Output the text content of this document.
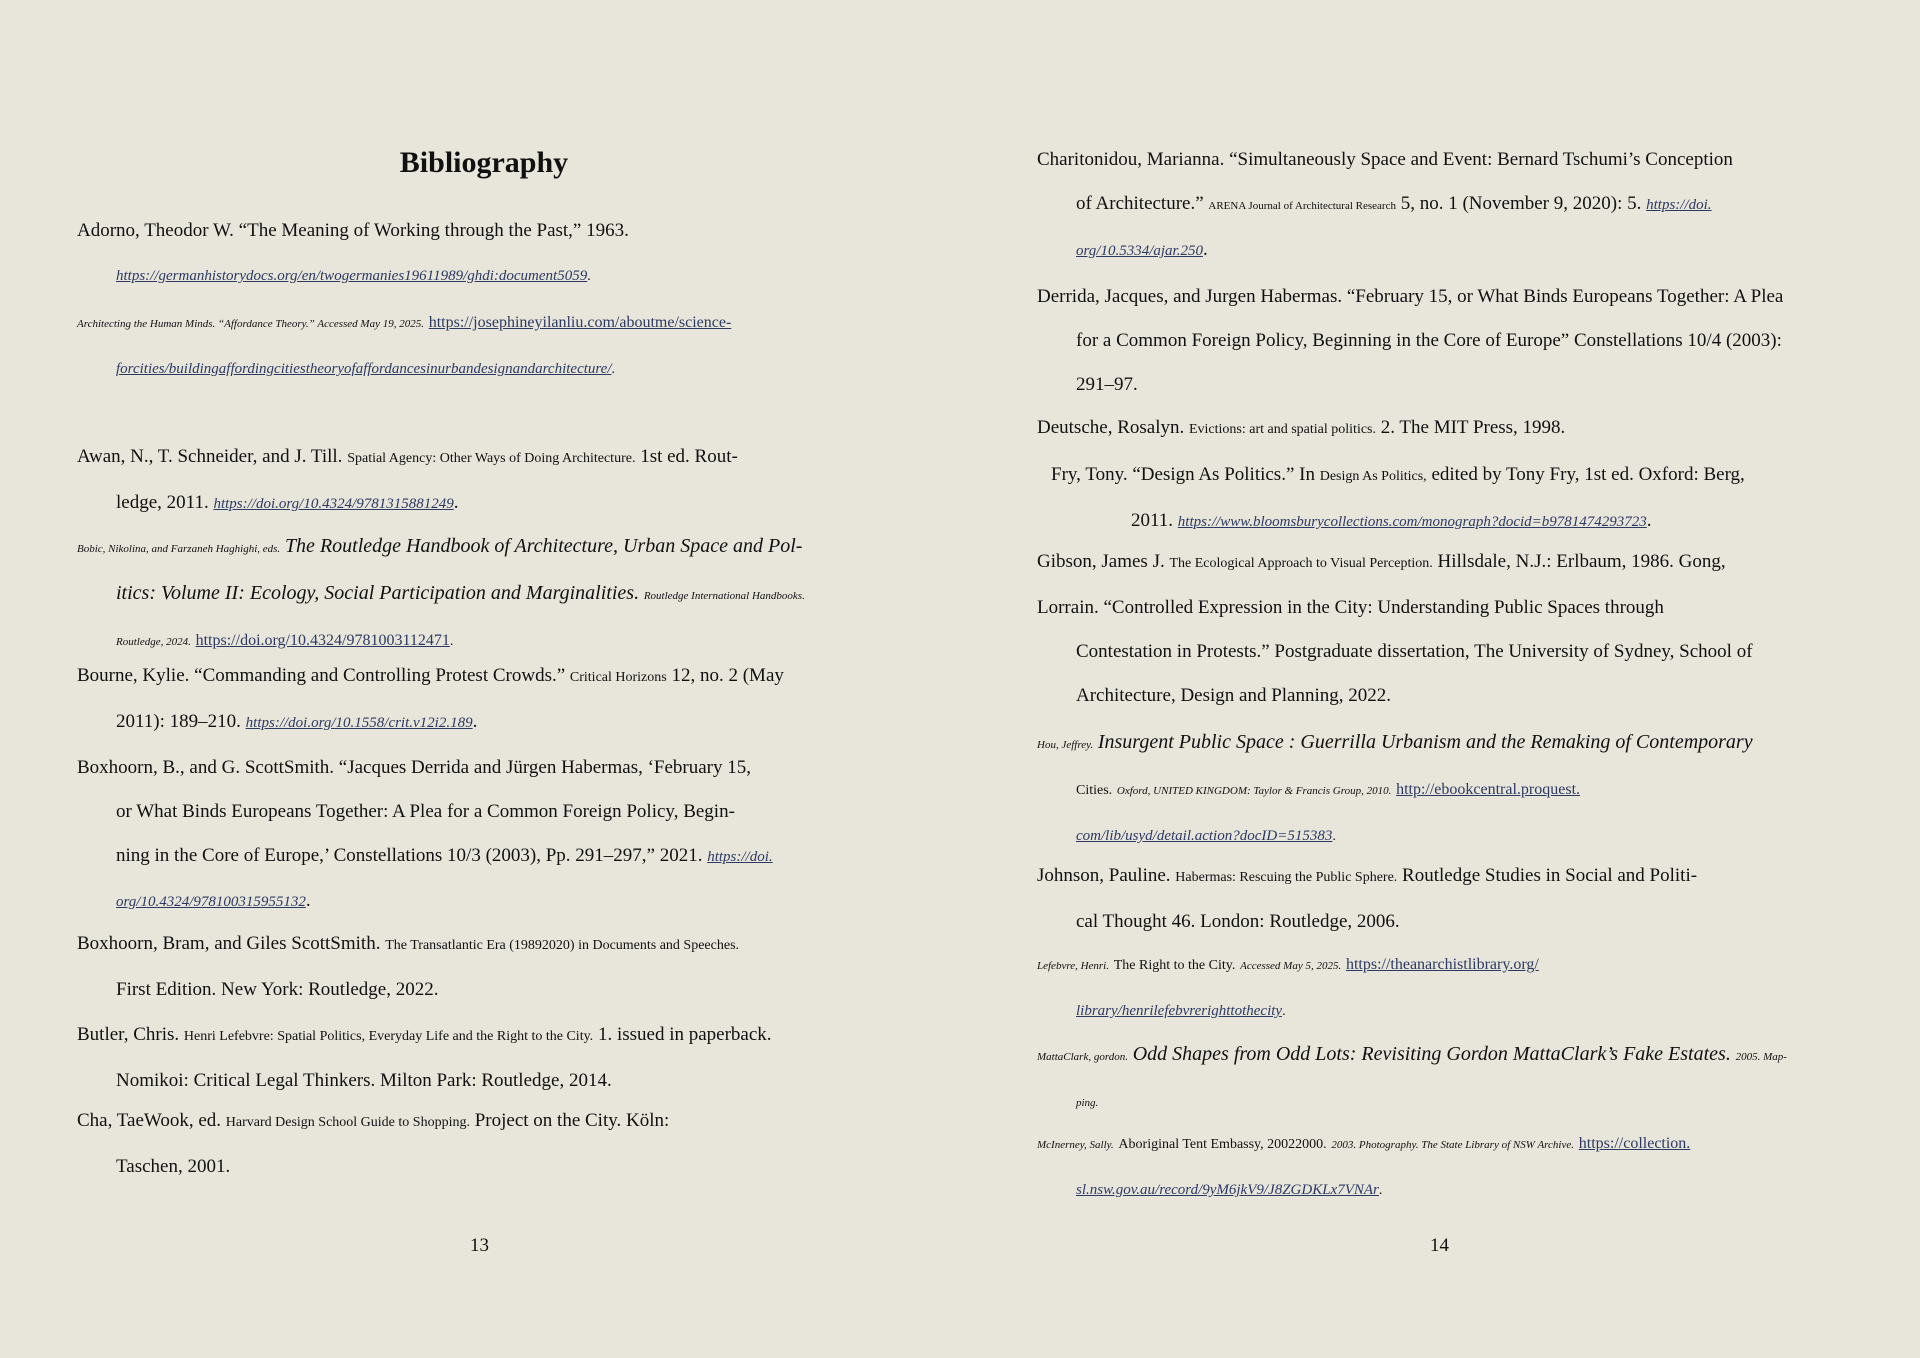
Bibliography
Adorno, Theodor W. “The Meaning of Working through the Past,” 1963.
https://germanhistorydocs.org/en/twogermanies19611989/ghdi:document5059.
Architecting the Human Minds. “Affordance Theory.” Accessed May 19, 2025. https://josephineyilanliu.com/aboutme/science-
forcities/buildingaffordingcitiestheoryofaffordancesinurbandesignandarchitecture/.
Awan, N., T. Schneider, and J. Till. Spatial Agency: Other Ways of Doing Architecture. 1st ed. Rout-
ledge, 2011. https://doi.org/10.4324/9781315881249.
Bobic, Nikolina, and Farzaneh Haghighi, eds. The Routledge Handbook of Architecture, Urban Space and Pol-
itics: Volume II: Ecology, Social Participation and Marginalities. Routledge International Handbooks.
Routledge, 2024. https://doi.org/10.4324/9781003112471.
Bourne, Kylie. “Commanding and Controlling Protest Crowds.” Critical Horizons 12, no. 2 (May
2011): 189–210. https://doi.org/10.1558/crit.v12i2.189.
Boxhoorn, B., and G. ScottSmith. “Jacques Derrida and Jürgen Habermas, ‘February 15,
or What Binds Europeans Together: A Plea for a Common Foreign Policy, Begin-
ning in the Core of Europe,’ Constellations 10/3 (2003), Pp. 291–297,” 2021. https://doi.
org/10.4324/978100315955132.
Boxhoorn, Bram, and Giles ScottSmith. The Transatlantic Era (19892020) in Documents and Speeches.
First Edition. New York: Routledge, 2022.
Butler, Chris. Henri Lefebvre: Spatial Politics, Everyday Life and the Right to the City. 1. issued in paperback.
Nomikoi: Critical Legal Thinkers. Milton Park: Routledge, 2014.
Cha, TaeWook, ed. Harvard Design School Guide to Shopping. Project on the City. Köln:
Taschen, 2001.
13
Charitonidou, Marianna. “Simultaneously Space and Event: Bernard Tschumi’s Conception
of Architecture.” ARENA Journal of Architectural Research 5, no. 1 (November 9, 2020): 5. https://doi.
org/10.5334/ajar.250.
Derrida, Jacques, and Jurgen Habermas. “February 15, or What Binds Europeans Together: A Plea
for a Common Foreign Policy, Beginning in the Core of Europe” Constellations 10/4 (2003):
291–97.
Deutsche, Rosalyn. Evictions: art and spatial politics. 2. The MIT Press, 1998.
Fry, Tony. “Design As Politics.” In Design As Politics, edited by Tony Fry, 1st ed. Oxford: Berg,
2011. https://www.bloomsburycollections.com/monograph?docid=b9781474293723.
Gibson, James J. The Ecological Approach to Visual Perception. Hillsdale, N.J.: Erlbaum, 1986. Gong,
Lorrain. “Controlled Expression in the City: Understanding Public Spaces through
Contestation in Protests.” Postgraduate dissertation, The University of Sydney, School of
Architecture, Design and Planning, 2022.
Hou, Jeffrey. Insurgent Public Space : Guerrilla Urbanism and the Remaking of Contemporary
Cities. Oxford, UNITED KINGDOM: Taylor & Francis Group, 2010. http://ebookcentral.proquest.
com/lib/usyd/detail.action?docID=515383.
Johnson, Pauline. Habermas: Rescuing the Public Sphere. Routledge Studies in Social and Politi-
cal Thought 46. London: Routledge, 2006.
Lefebvre, Henri. The Right to the City. Accessed May 5, 2025. https://theanarchistlibrary.org/
library/henrilefebvrerighttothecity.
MattaClark, gordon. Odd Shapes from Odd Lots: Revisiting Gordon MattaClark’s Fake Estates. 2005. Map-
ping.
McInerney, Sally. Aboriginal Tent Embassy, 20022000. 2003. Photography. The State Library of NSW Archive. https://collection.
sl.nsw.gov.au/record/9yM6jkV9/J8ZGDKLx7VNAr.
14
